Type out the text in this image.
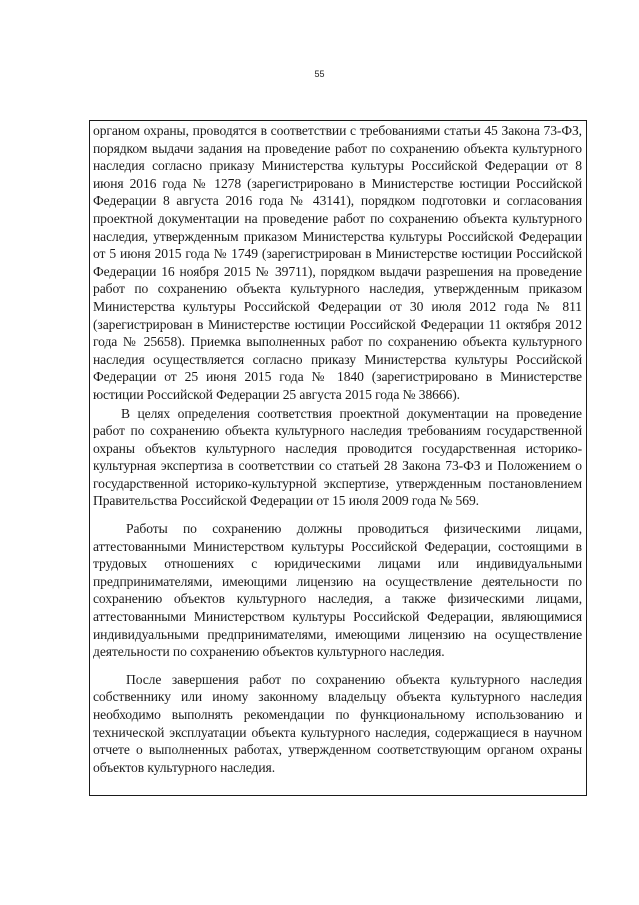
55

органом охраны, проводятся в соответствии с требованиями статьи 45 Закона 73-ФЗ, порядком выдачи задания на проведение работ по сохранению объекта культурного наследия согласно приказу Министерства культуры Российской Федерации от 8 июня 2016 года № 1278 (зарегистрировано в Министерстве юстиции Российской Федерации 8 августа 2016 года № 43141), порядком подготовки и согласования проектной документации на проведение работ по сохранению объекта культурного наследия, утвержденным приказом Министерства культуры Российской Федерации от 5 июня 2015 года № 1749 (зарегистрирован в Министерстве юстиции Российской Федерации 16 ноября 2015 № 39711), порядком выдачи разрешения на проведение работ по сохранению объекта культурного наследия, утвержденным приказом Министерства культуры Российской Федерации от 30 июля 2012 года № 811 (зарегистрирован в Министерстве юстиции Российской Федерации 11 октября 2012 года № 25658). Приемка выполненных работ по сохранению объекта культурного наследия осуществляется согласно приказу Министерства культуры Российской Федерации от 25 июня 2015 года № 1840 (зарегистрировано в Министерстве юстиции Российской Федерации 25 августа 2015 года № 38666).

В целях определения соответствия проектной документации на проведение работ по сохранению объекта культурного наследия требованиям государственной охраны объектов культурного наследия проводится государственная историко-культурная экспертиза в соответствии со статьей 28 Закона 73-ФЗ и Положением о государственной историко-культурной экспертизе, утвержденным постановлением Правительства Российской Федерации от 15 июля 2009 года № 569.

Работы по сохранению должны проводиться физическими лицами, аттестованными Министерством культуры Российской Федерации, состоящими в трудовых отношениях с юридическими лицами или индивидуальными предпринимателями, имеющими лицензию на осуществление деятельности по сохранению объектов культурного наследия, а также физическими лицами, аттестованными Министерством культуры Российской Федерации, являющимися индивидуальными предпринимателями, имеющими лицензию на осуществление деятельности по сохранению объектов культурного наследия.

После завершения работ по сохранению объекта культурного наследия собственнику или иному законному владельцу объекта культурного наследия необходимо выполнять рекомендации по функциональному использованию и технической эксплуатации объекта культурного наследия, содержащиеся в научном отчете о выполненных работах, утвержденном соответствующим органом охраны объектов культурного наследия.
